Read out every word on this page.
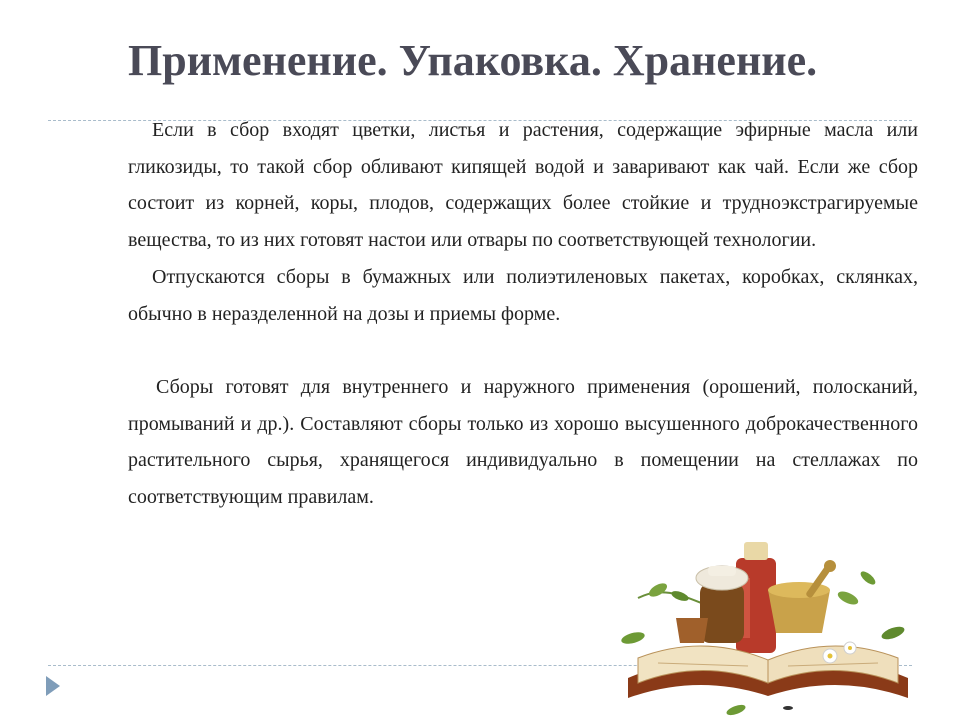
Применение. Упаковка. Хранение.

Если в сбор входят цветки, листья и растения, содержащие эфирные масла или гликозиды, то такой сбор обливают кипящей водой и заваривают как чай. Если же сбор состоит из корней, коры, плодов, содержащих более стойкие и трудноэкстрагируемые вещества, то из них готовят настои или отвары по соответствующей технологии.

Отпускаются сборы в бумажных или полиэтиленовых пакетах, коробках, склянках, обычно в неразделенной на дозы и приемы форме.

Сборы готовят для внутреннего и наружного применения (орошений, полосканий, промываний и др.). Составляют сборы только из хорошо высушенного доброкачественного растительного сырья, хранящегося индивидуально в помещении на стеллажах по соответствующим правилам.
